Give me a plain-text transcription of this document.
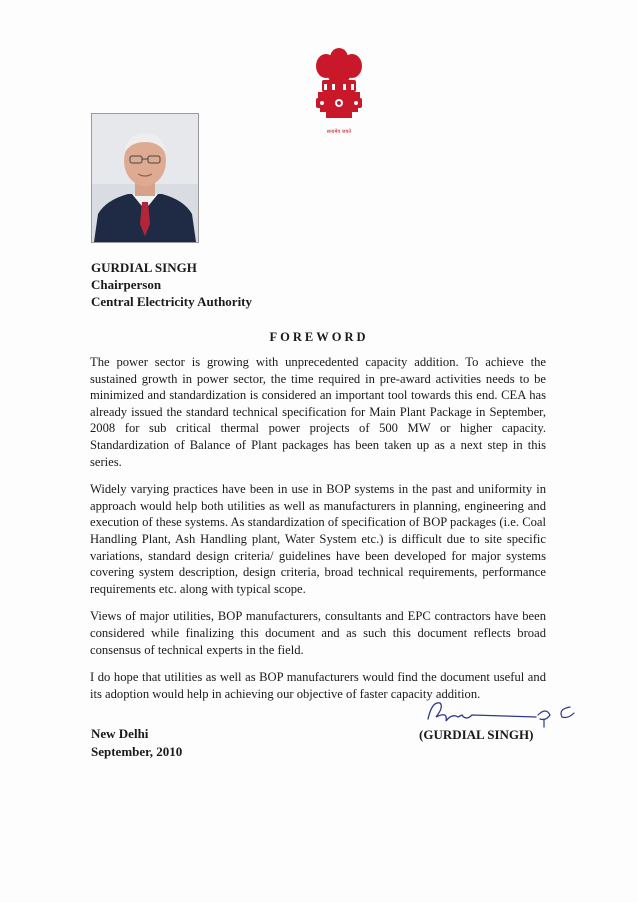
सत्यमेव जयते
GURDIAL SINGH
Chairperson
Central Electricity Authority
FOREWORD

The power sector is growing with unprecedented capacity addition. To achieve the sustained growth in power sector, the time required in pre-award activities needs to be minimized and standardization is considered an important tool towards this end. CEA has already issued the standard technical specification for Main Plant Package in September, 2008 for sub critical thermal power projects of 500 MW or higher capacity. Standardization of Balance of Plant packages has been taken up as a next step in this series.

Widely varying practices have been in use in BOP systems in the past and uniformity in approach would help both utilities as well as manufacturers in planning, engineering and execution of these systems. As standardization of specification of BOP packages (i.e. Coal Handling Plant, Ash Handling plant, Water System etc.) is difficult due to site specific variations, standard design criteria/ guidelines have been developed for major systems covering system description, design criteria, broad technical requirements, performance requirements etc. along with typical scope.

Views of major utilities, BOP manufacturers, consultants and EPC contractors have been considered while finalizing this document and as such this document reflects broad consensus of technical experts in the field.

I do hope that utilities as well as BOP manufacturers would find the document useful and its adoption would help in achieving our objective of faster capacity addition.

New Delhi
September, 2010
(GURDIAL SINGH)
